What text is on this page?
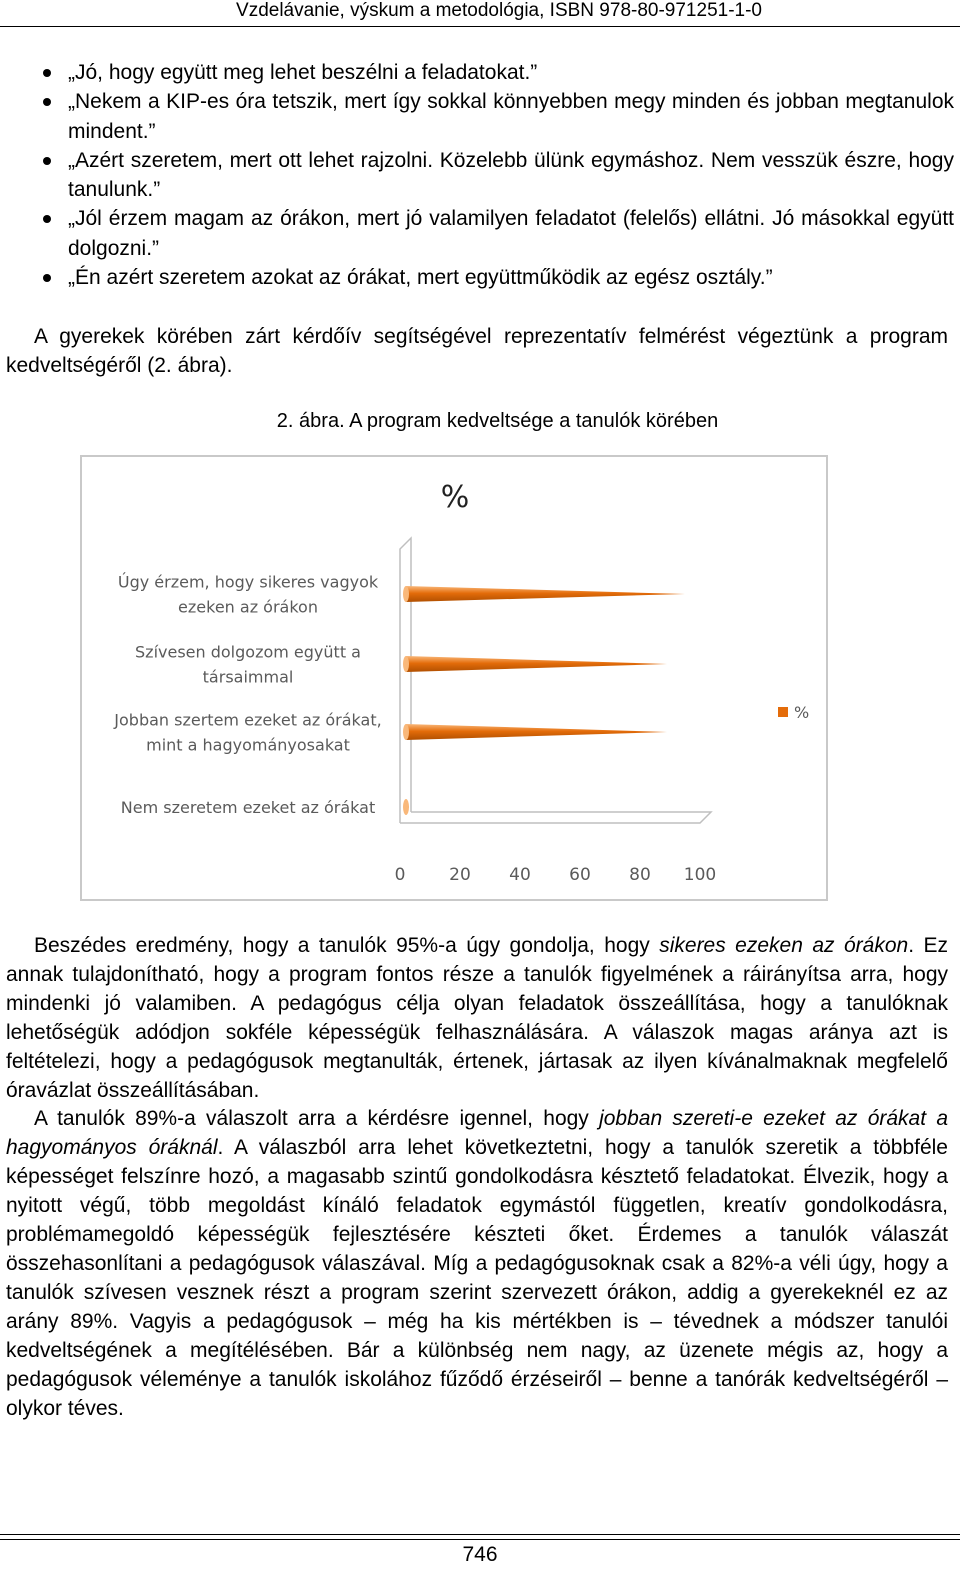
Vzdelávanie, výskum a metodológia, ISBN 978-80-971251-1-0
„Jó, hogy együtt meg lehet beszélni a feladatokat.”
„Nekem a KIP-es óra tetszik, mert így sokkal könnyebben megy minden és jobban megtanulok mindent.”
„Azért szeretem, mert ott lehet rajzolni. Közelebb ülünk egymáshoz. Nem vesszük észre, hogy tanulunk.”
„Jól érzem magam az órákon, mert jó valamilyen feladatot (felelős) ellátni. Jó másokkal együtt dolgozni.”
„Én azért szeretem azokat az órákat, mert együttműködik az egész osztály.”

A gyerekek körében zárt kérdőív segítségével reprezentatív felmérést végeztünk a program kedveltségéről (2. ábra).

2. ábra. A program kedveltsége a tanulók körében
%
Úgy érzem, hogy sikeres vagyok
ezeken az órákon
Szívesen dolgozom együtt a
társaimmal
Jobban szertem ezeket az órákat,
mint a hagyományosakat
Nem szeretem ezeket az órákat
0	20 40 60 80 100
%

Beszédes eredmény, hogy a tanulók 95%-a úgy gondolja, hogy sikeres ezeken az órákon. Ez annak tulajdonítható, hogy a program fontos része a tanulók figyelmének a ráirányítsa arra, hogy mindenki jó valamiben. A pedagógus célja olyan feladatok összeállítása, hogy a tanulóknak lehetőségük adódjon sokféle képességük felhasználására. A válaszok magas aránya azt is feltételezi, hogy a pedagógusok megtanulták, értenek, jártasak az ilyen kívánalmaknak megfelelő óravázlat összeállításában.

A tanulók 89%-a válaszolt arra a kérdésre igennel, hogy jobban szereti-e ezeket az órákat a hagyományos óráknál. A válaszból arra lehet következtetni, hogy a tanulók szeretik a többféle képességet felszínre hozó, a magasabb szintű gondolkodásra késztető feladatokat. Élvezik, hogy a nyitott végű, több megoldást kínáló feladatok egymástól független, kreatív gondolkodásra, problémamegoldó képességük fejlesztésére készteti őket. Érdemes a tanulók válaszát összehasonlítani a pedagógusok válaszával. Míg a pedagógusoknak csak a 82%-a véli úgy, hogy a tanulók szívesen vesznek részt a program szerint szervezett órákon, addig a gyerekeknél ez az arány 89%. Vagyis a pedagógusok – még ha kis mértékben is – tévednek a módszer tanulói kedveltségének a megítélésében. Bár a különbség nem nagy, az üzenete mégis az, hogy a pedagógusok véleménye a tanulók iskolához fűződő érzéseiről – benne a tanórák kedveltségéről – olykor téves.

746
